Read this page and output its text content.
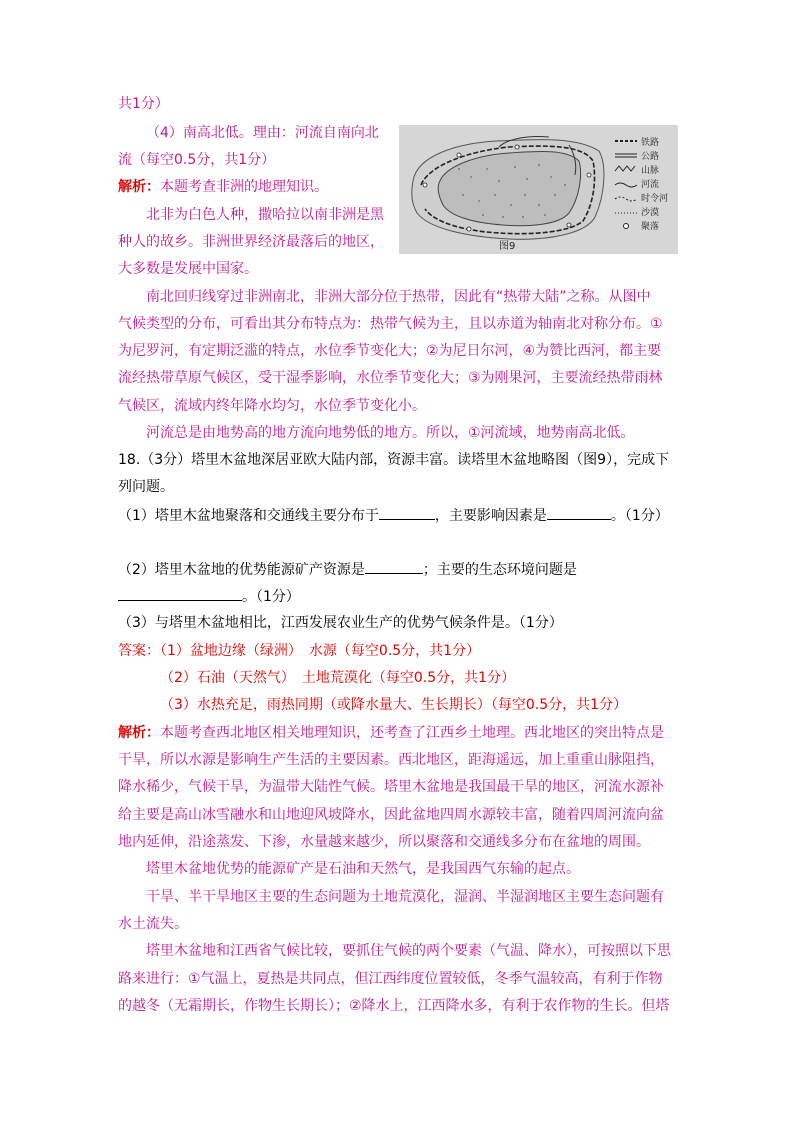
共1分）
（4）南高北低。理由：河流自南向北
流（每空0.5分，共1分）
解析：本题考查非洲的地理知识。
北非为白色人种，撒哈拉以南非洲是黑
种人的故乡。非洲世界经济最落后的地区，
大多数是发展中国家。
南北回归线穿过非洲南北，非洲大部分位于热带，因此有“热带大陆”之称。从图中
气候类型的分布，可看出其分布特点为：热带气候为主，且以赤道为轴南北对称分布。①
为尼罗河，有定期泛滥的特点，水位季节变化大；②为尼日尔河，④为赞比西河，都主要
流经热带草原气候区，受干湿季影响，水位季节变化大；③为刚果河，主要流经热带雨林
气候区，流域内终年降水均匀，水位季节变化小。
河流总是由地势高的地方流向地势低的地方。所以，①河流域，地势南高北低。
铁路
公路
山脉
河流
时令河
沙漠
聚落
图9
18.（3分）塔里木盆地深居亚欧大陆内部，资源丰富。读塔里木盆地略图（图9），完成下
列问题。
（1）塔里木盆地聚落和交通线主要分布于	，主要影响因素是	。（1分）
（2）塔里木盆地的优势能源矿产资源是	；主要的生态环境问题是
。（1分）
（3）与塔里木盆地相比，江西发展农业生产的优势气候条件是。（1分）
答案：（1）盆地边缘（绿洲）　水源（每空0.5分，共1分）
（2）石油（天然气）　土地荒漠化（每空0.5分，共1分）
（3）水热充足，雨热同期（或降水量大、生长期长）（每空0.5分，共1分）
解析：本题考查西北地区相关地理知识，还考查了江西乡土地理。西北地区的突出特点是
干旱，所以水源是影响生产生活的主要因素。西北地区，距海遥远，加上重重山脉阻挡，
降水稀少，气候干旱，为温带大陆性气候。塔里木盆地是我国最干旱的地区，河流水源补
给主要是高山冰雪融水和山地迎风坡降水，因此盆地四周水源较丰富，随着四周河流向盆
地内延伸，沿途蒸发、下渗，水量越来越少，所以聚落和交通线多分布在盆地的周围。
塔里木盆地优势的能源矿产是石油和天然气，是我国西气东输的起点。
干旱、半干旱地区主要的生态问题为土地荒漠化，湿润、半湿润地区主要生态问题有
水土流失。
塔里木盆地和江西省气候比较，要抓住气候的两个要素（气温、降水），可按照以下思
路来进行：①气温上，夏热是共同点，但江西纬度位置较低，冬季气温较高，有利于作物
的越冬（无霜期长，作物生长期长）；②降水上，江西降水多，有利于农作物的生长。但塔
